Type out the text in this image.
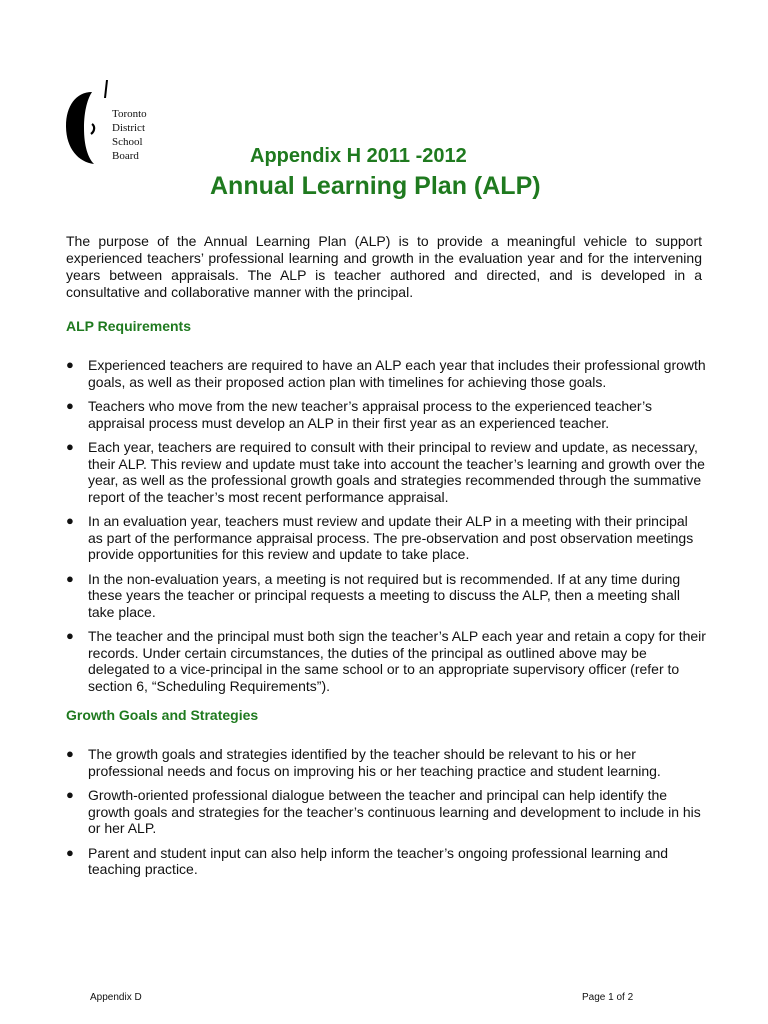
Toronto
District
School
Board	Appendix H 2011 -2012
Annual Learning Plan (ALP)

The purpose of the Annual Learning Plan (ALP) is to provide a meaningful vehicle to support experienced teachers’ professional learning and growth in the evaluation year and for the intervening years between appraisals. The ALP is teacher authored and directed, and is developed in a consultative and collaborative manner with the principal.

ALP Requirements
● Experienced teachers are required to have an ALP each year that includes their professional growth goals, as well as their proposed action plan with timelines for achieving those goals.
● Teachers who move from the new teacher’s appraisal process to the experienced teacher’s appraisal process must develop an ALP in their first year as an experienced teacher.
● Each year, teachers are required to consult with their principal to review and update, as necessary, their ALP. This review and update must take into account the teacher’s learning and growth over the year, as well as the professional growth goals and strategies recommended through the summative report of the teacher’s most recent performance appraisal.
● In an evaluation year, teachers must review and update their ALP in a meeting with their principal as part of the performance appraisal process. The pre-observation and post observation meetings provide opportunities for this review and update to take place.
● In the non-evaluation years, a meeting is not required but is recommended. If at any time during these years the teacher or principal requests a meeting to discuss the ALP, then a meeting shall take place.
● The teacher and the principal must both sign the teacher’s ALP each year and retain a copy for their records. Under certain circumstances, the duties of the principal as outlined above may be delegated to a vice-principal in the same school or to an appropriate supervisory officer (refer to section 6, “Scheduling Requirements”).
Growth Goals and Strategies
● The growth goals and strategies identified by the teacher should be relevant to his or her professional needs and focus on improving his or her teaching practice and student learning.
● Growth-oriented professional dialogue between the teacher and principal can help identify the growth goals and strategies for the teacher’s continuous learning and development to include in his or her ALP.
● Parent and student input can also help inform the teacher’s ongoing professional learning and teaching practice.
Appendix D	Page 1 of 2
